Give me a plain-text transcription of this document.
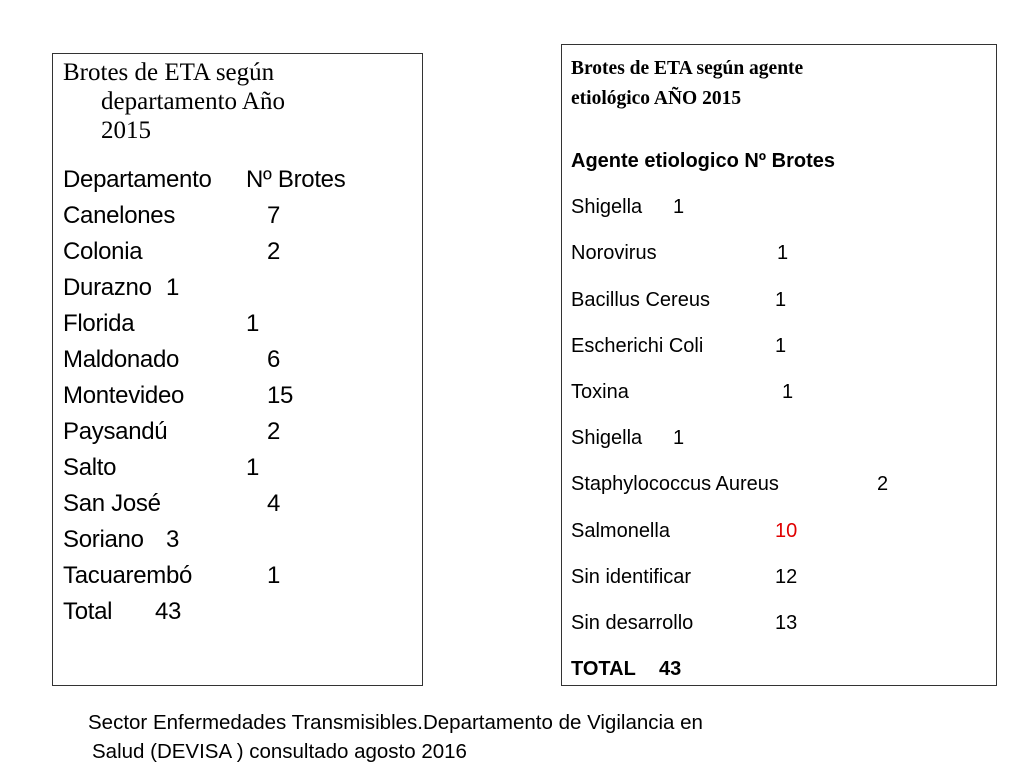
Brotes de ETA según
departamento Año
2015
Departamento Nº Brotes
Canelones	7
Colonia	2
Durazno 1
Florida	1
Maldonado	6
Montevideo	15
Paysandú	2
Salto	1
San José	4
Soriano 3
Tacuarembó	1
Total 43
Brotes de ETA según agente
etiológico AÑO 2015
Agente etiologico Nº Brotes
Shigella 1
Norovirus	1
Bacillus Cereus	1
Escherichi Coli	1
Toxina	1
Shigella 1
Staphylococcus Aureus	2
Salmonella	10
Sin identificar	12
Sin desarrollo	13
TOTAL 43
Sector Enfermedades Transmisibles.Departamento de Vigilancia en
Salud (DEVISA ) consultado agosto 2016
